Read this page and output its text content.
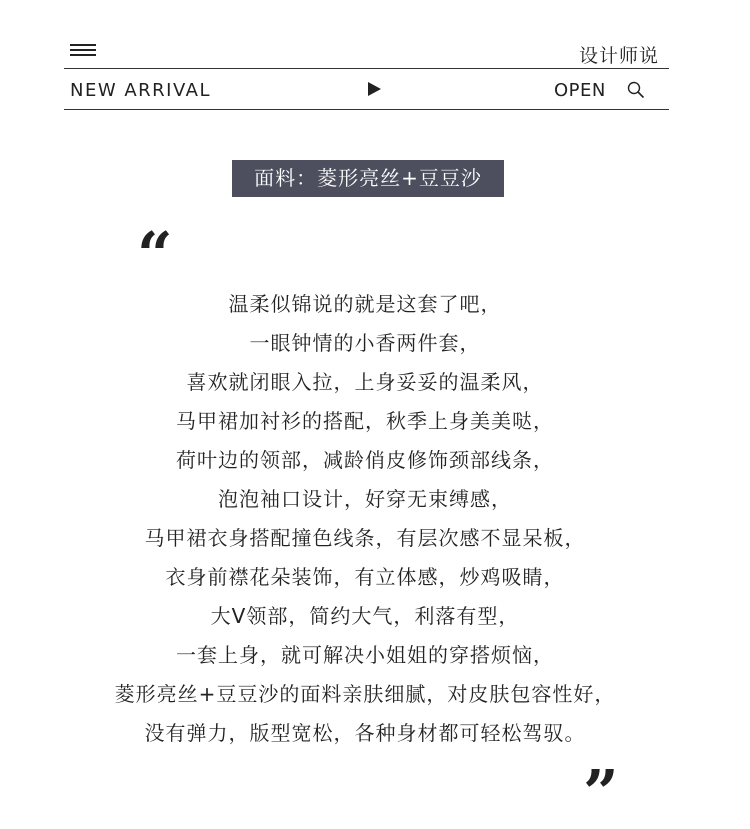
设计师说
NEW ARRIVAL	OPEN
面料：菱形亮丝+豆豆沙
“
温柔似锦说的就是这套了吧，
一眼钟情的小香两件套，
喜欢就闭眼入拉，上身妥妥的温柔风，
马甲裙加衬衫的搭配，秋季上身美美哒，
荷叶边的领部，减龄俏皮修饰颈部线条，
泡泡袖口设计，好穿无束缚感，
马甲裙衣身搭配撞色线条，有层次感不显呆板，
衣身前襟花朵装饰，有立体感，炒鸡吸睛，
大V领部，简约大气，利落有型，
一套上身，就可解决小姐姐的穿搭烦恼，
菱形亮丝+豆豆沙的面料亲肤细腻，对皮肤包容性好，
没有弹力，版型宽松，各种身材都可轻松驾驭。
”
